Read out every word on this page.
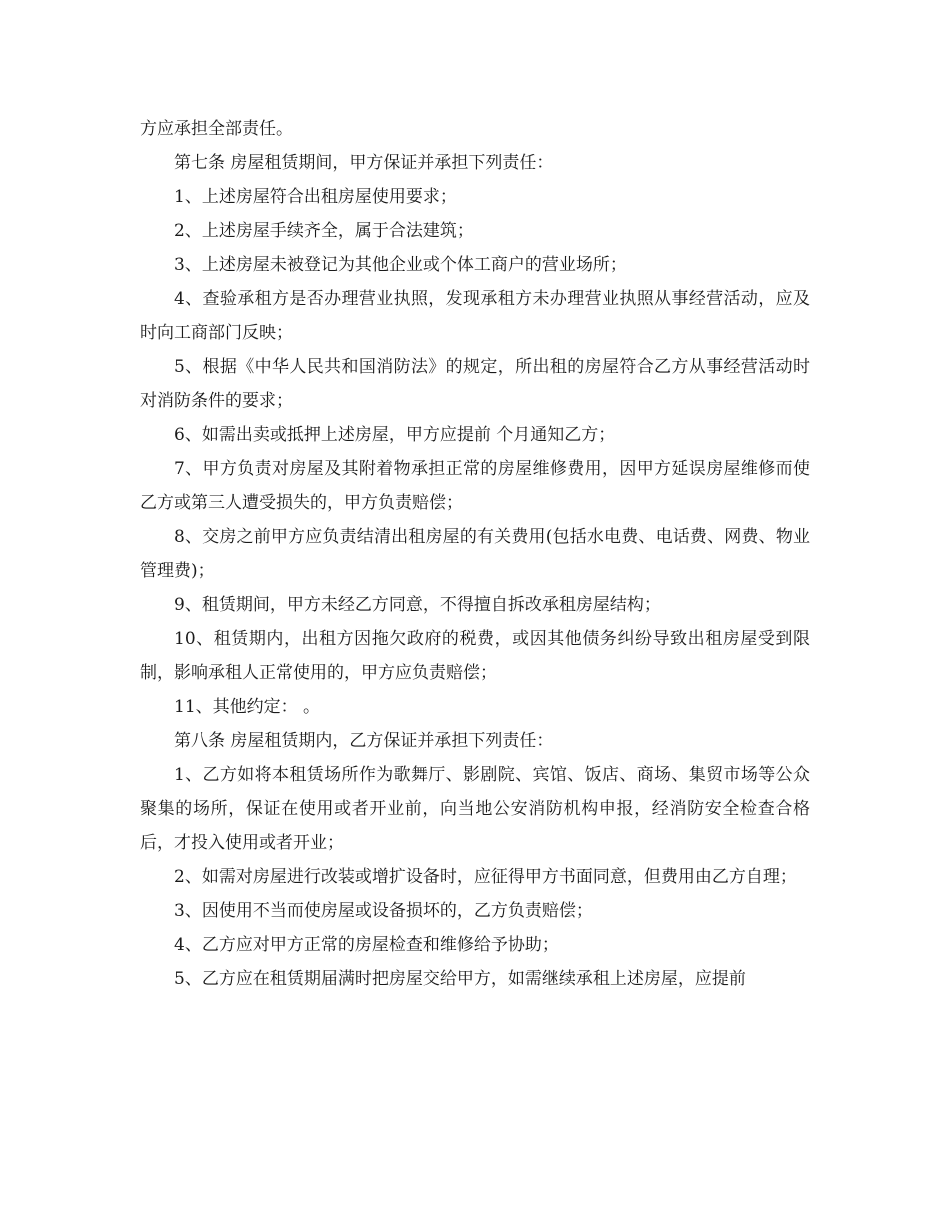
方应承担全部责任。

第七条 房屋租赁期间，甲方保证并承担下列责任：

1、上述房屋符合出租房屋使用要求；

2、上述房屋手续齐全，属于合法建筑；

3、上述房屋未被登记为其他企业或个体工商户的营业场所；

4、查验承租方是否办理营业执照，发现承租方未办理营业执照从事经营活动，应及时向工商部门反映；

5、根据《中华人民共和国消防法》的规定，所出租的房屋符合乙方从事经营活动时对消防条件的要求；

6、如需出卖或抵押上述房屋，甲方应提前 个月通知乙方；

7、甲方负责对房屋及其附着物承担正常的房屋维修费用，因甲方延误房屋维修而使乙方或第三人遭受损失的，甲方负责赔偿；

8、交房之前甲方应负责结清出租房屋的有关费用(包括水电费、电话费、网费、物业管理费)；

9、租赁期间，甲方未经乙方同意，不得擅自拆改承租房屋结构；

10、租赁期内，出租方因拖欠政府的税费，或因其他债务纠纷导致出租房屋受到限制，影响承租人正常使用的，甲方应负责赔偿；

11、其他约定： 。

第八条 房屋租赁期内，乙方保证并承担下列责任：

1、乙方如将本租赁场所作为歌舞厅、影剧院、宾馆、饭店、商场、集贸市场等公众聚集的场所，保证在使用或者开业前，向当地公安消防机构申报，经消防安全检查合格后，才投入使用或者开业；

2、如需对房屋进行改装或增扩设备时，应征得甲方书面同意，但费用由乙方自理；

3、因使用不当而使房屋或设备损坏的，乙方负责赔偿；

4、乙方应对甲方正常的房屋检查和维修给予协助；

5、乙方应在租赁期届满时把房屋交给甲方，如需继续承租上述房屋，应提前
